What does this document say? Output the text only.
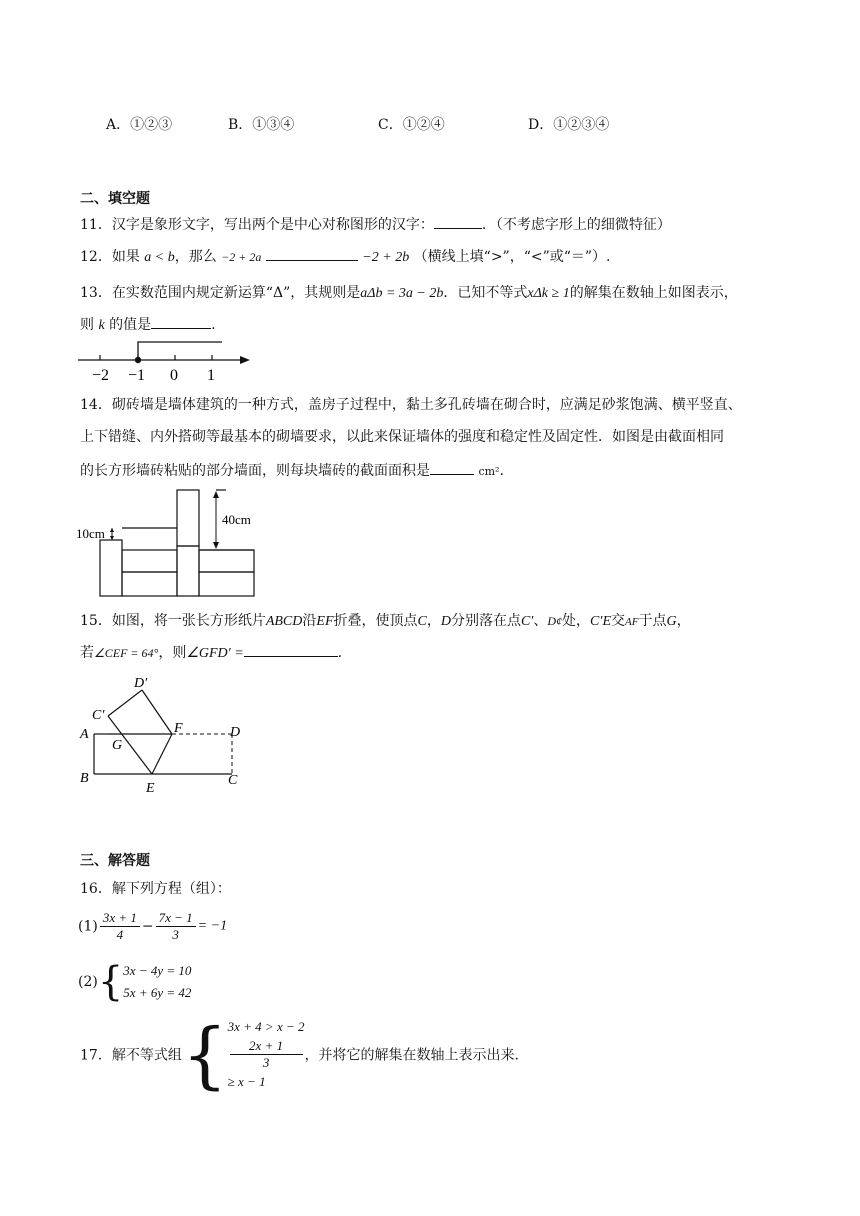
A．①②③	B．①③④	C．①②④	D．①②③④
二、填空题
11．汉字是象形文字，写出两个是中心对称图形的汉字：	．（不考虑字形上的细微特征）
12．如果 a < b，那么 −2 + 2a	−2 + 2b （横线上填“>”，“<”或“＝”）.
13．在实数范围内规定新运算“Δ”，其规则是aΔb = 3a − 2b．已知不等式xΔk ≥ 1的解集在数轴上如图表示，
则 k 的值是	.
−2 −1 0 1
14．砌砖墙是墙体建筑的一种方式，盖房子过程中，黏土多孔砖墙在砌合时，应满足砂浆饱满、横平竖直、
上下错缝、内外搭砌等最基本的砌墙要求，以此来保证墙体的强度和稳定性及固定性．如图是由截面相同
的长方形墙砖粘贴的部分墙面，则每块墙砖的截面面积是	cm².
40cm
10cm
15．如图，将一张长方形纸片ABCD沿EF折叠，使顶点C，D分别落在点C′、D¢处，C′E交AF于点G，
若∠CEF = 64°，则∠GFD′ =	.
D′
C′
A
G
F	D
B
E
C
三、解答题
16．解下列方程（组）：
$(1) \frac{3x + 1}{4} - \frac{7x - 1}{3} = -1$
(2){ 3x − 4y = 10
5x + 6y = 42
17．解不等式组{ 3x + 4 > x − 2
2x + 1
3
≥ x − 1
，并将它的解集在数轴上表示出来.
